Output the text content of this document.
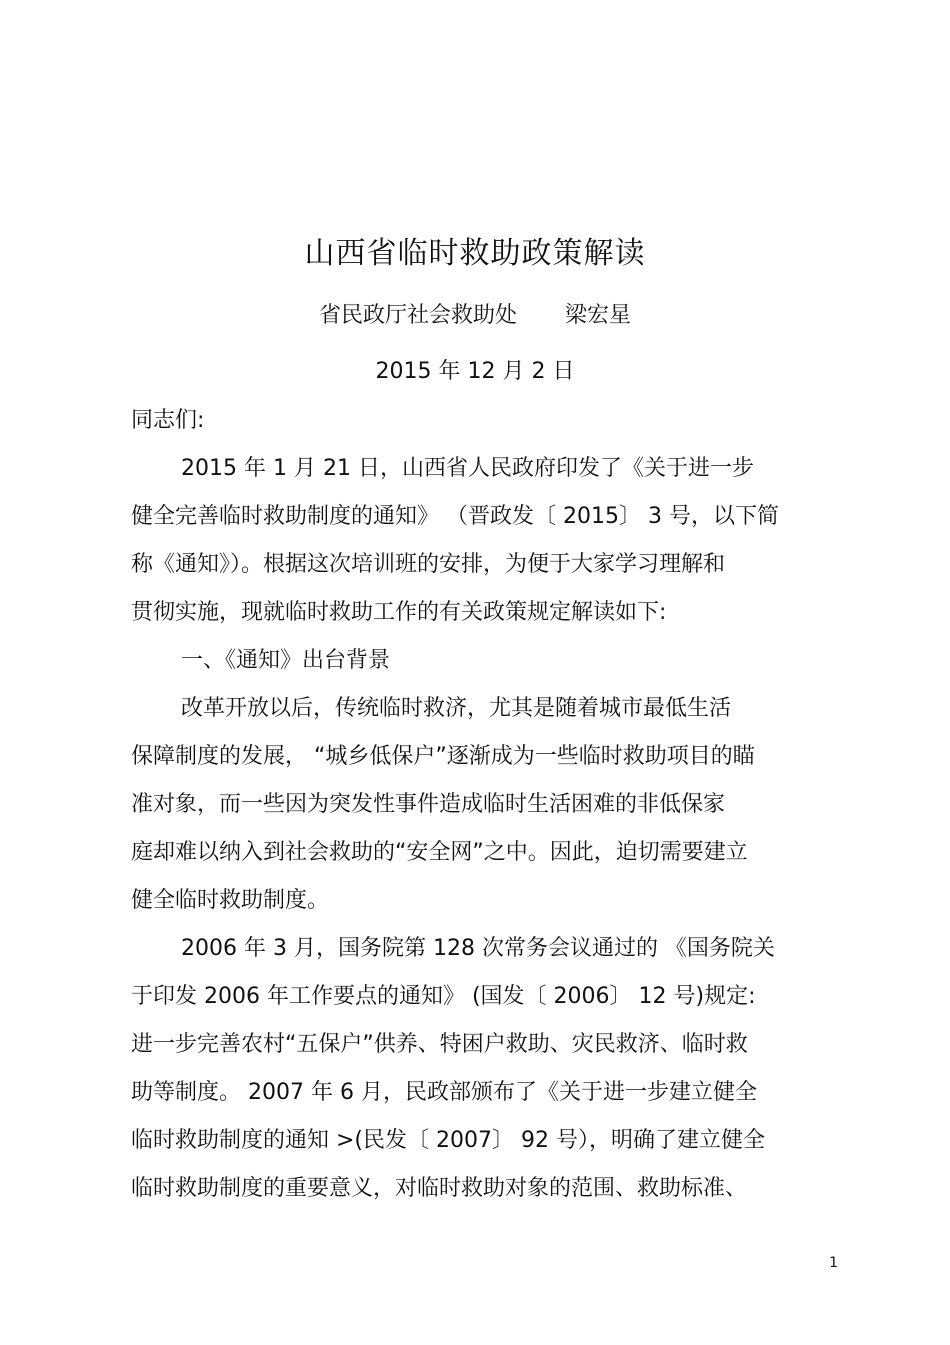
山西省临时救助政策解读
省民政厅社会救助处 梁宏星
2015 年 12 月 2 日
同志们:
2015 年 1 月 21 日，山西省人民政府印发了《关于进一步
健全完善临时救助制度的通知》 （晋政发〔 2015〕 3 号，以下简
称《通知》）。根据这次培训班的安排，为便于大家学习理解和
贯彻实施，现就临时救助工作的有关政策规定解读如下:
一、《通知》出台背景
改革开放以后，传统临时救济，尤其是随着城市最低生活
保障制度的发展， “城乡低保户”逐渐成为一些临时救助项目的瞄
准对象，而一些因为突发性事件造成临时生活困难的非低保家
庭却难以纳入到社会救助的“安全网”之中。因此，迫切需要建立
健全临时救助制度。
2006 年 3 月，国务院第 128 次常务会议通过的 《国务院关
于印发 2006 年工作要点的通知》 (国发〔 2006〕 12 号)规定:
进一步完善农村“五保户”供养、特困户救助、灾民救济、临时救
助等制度。 2007 年 6 月，民政部颁布了《关于进一步建立健全
临时救助制度的通知 >(民发〔 2007〕 92 号），明确了建立健全
临时救助制度的重要意义，对临时救助对象的范围、救助标准、
1
